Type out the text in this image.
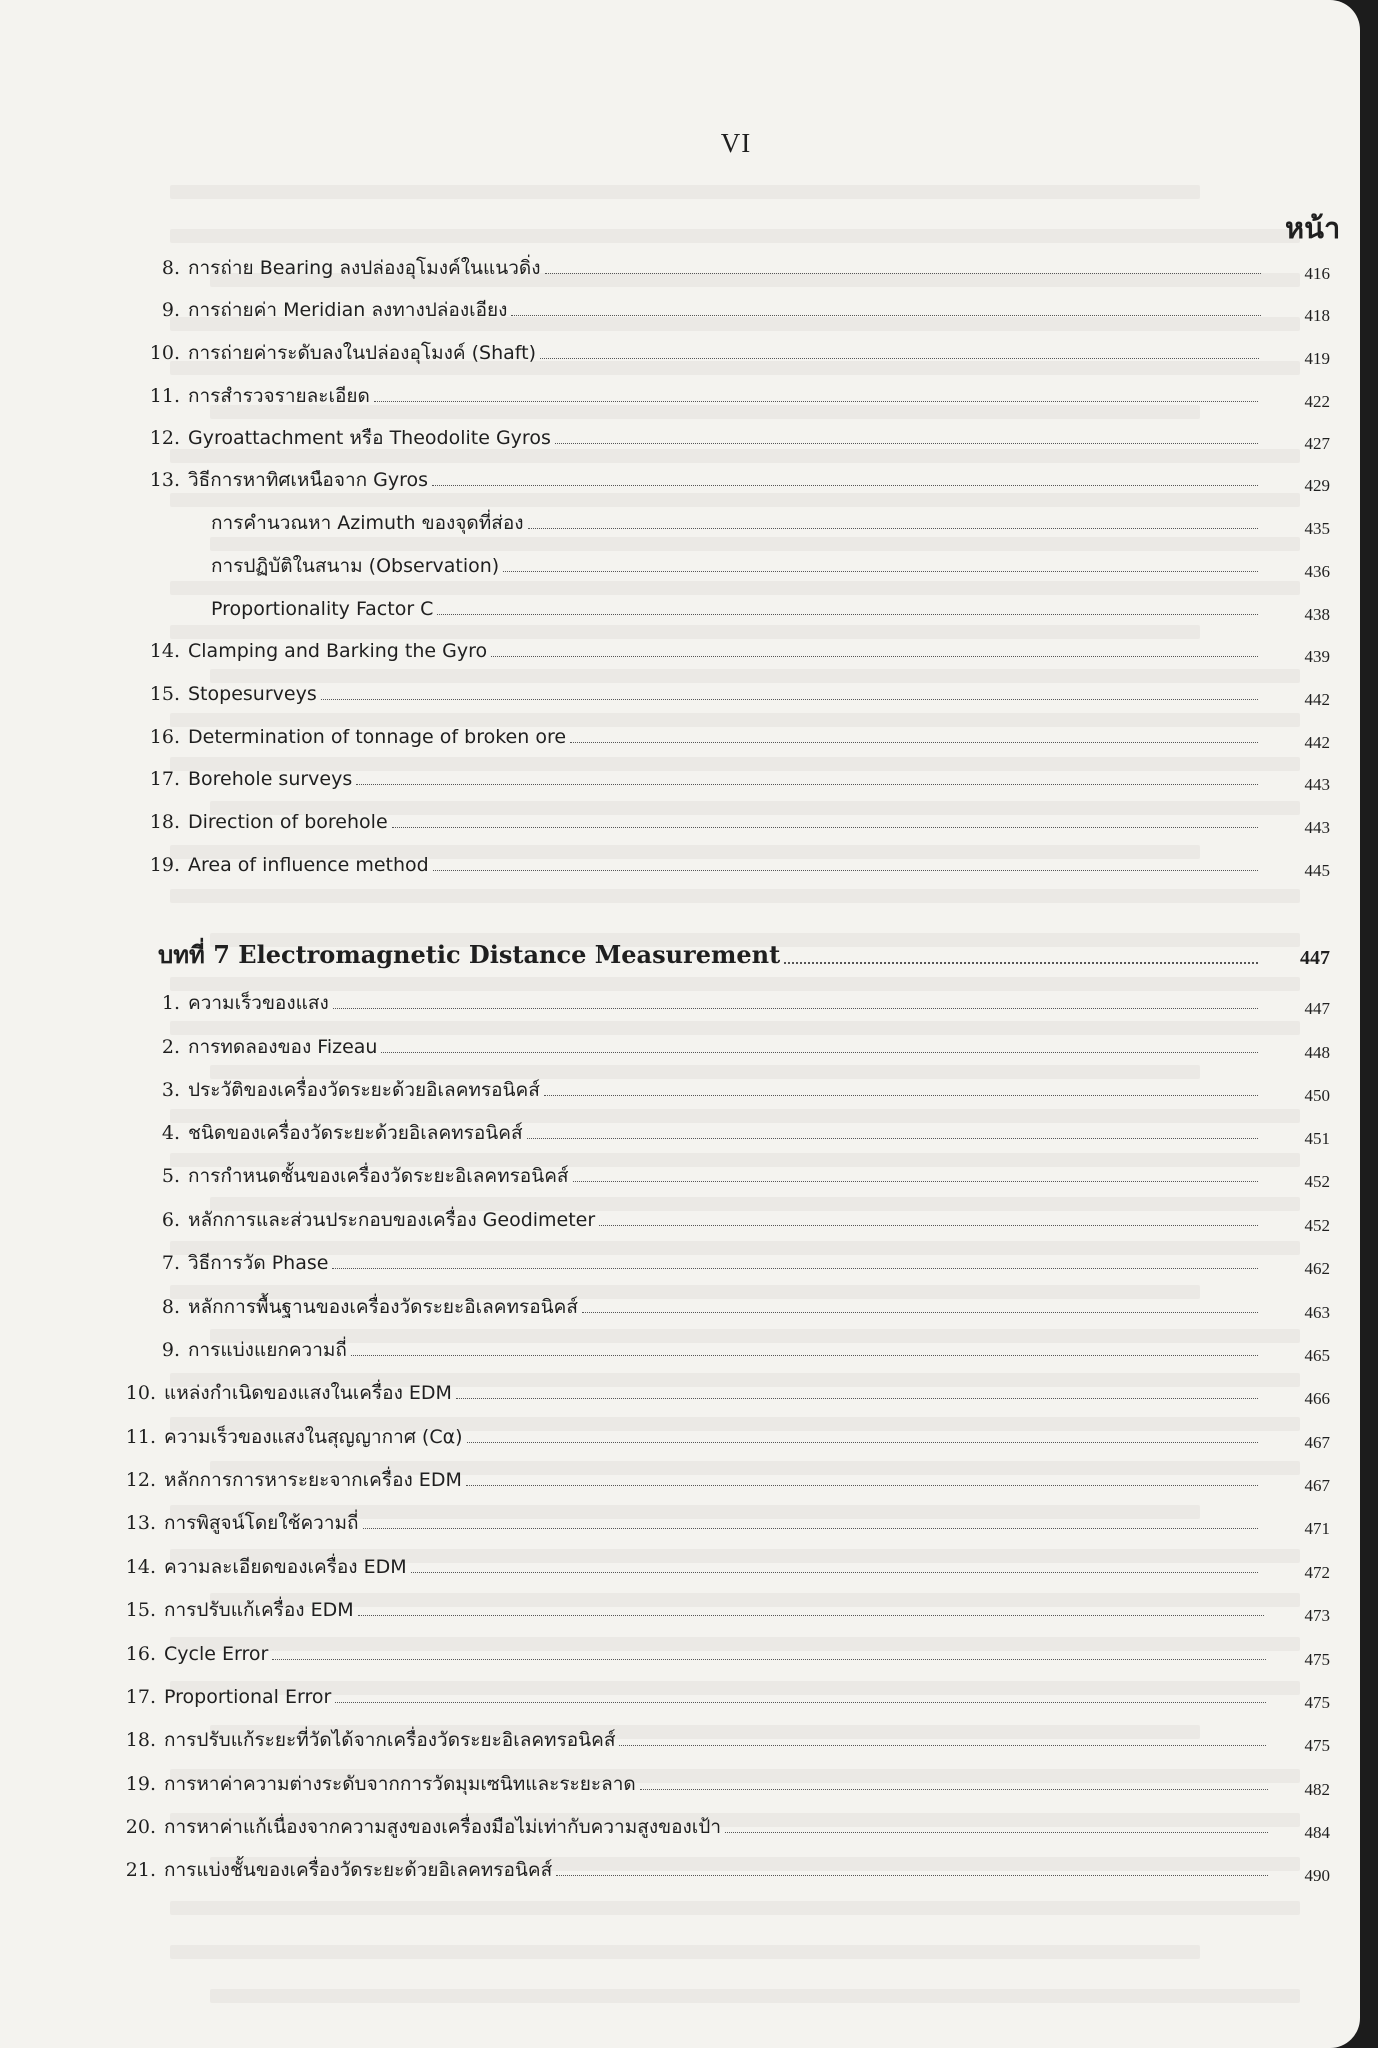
VI
หน้า
8. การถ่าย Bearing ลงปล่องอุโมงค์ในแนวดิ่ง	416
9. การถ่ายค่า Meridian ลงทางปล่องเอียง	418
10. การถ่ายค่าระดับลงในปล่องอุโมงค์ (Shaft)	419
11. การสำรวจรายละเอียด	422
12. Gyroattachment หรือ Theodolite Gyros	427
13. วิธีการหาทิศเหนือจาก Gyros	429
การคำนวณหา Azimuth ของจุดที่ส่อง	435
การปฏิบัติในสนาม (Observation)	436
Proportionality Factor C	438
14. Clamping and Barking the Gyro	439
15. Stopesurveys	442
16. Determination of tonnage of broken ore	442
17. Borehole surveys	443
18. Direction of borehole	443
19. Area of influence method	445
บทที่ 7 Electromagnetic Distance Measurement	447
1. ความเร็วของแสง	447
2. การทดลองของ Fizeau	448
3. ประวัติของเครื่องวัดระยะด้วยอิเลคทรอนิคส์	450
4. ชนิดของเครื่องวัดระยะด้วยอิเลคทรอนิคส์	451
5. การกำหนดชั้นของเครื่องวัดระยะอิเลคทรอนิคส์	452
6. หลักการและส่วนประกอบของเครื่อง Geodimeter	452
7. วิธีการวัด Phase	462
8. หลักการพื้นฐานของเครื่องวัดระยะอิเลคทรอนิคส์	463
9. การแบ่งแยกความถี่	465
10. แหล่งกำเนิดของแสงในเครื่อง EDM	466
11. ความเร็วของแสงในสุญญากาศ (Cα)	467
12. หลักการการหาระยะจากเครื่อง EDM	467
13. การพิสูจน์โดยใช้ความถี่	471
14. ความละเอียดของเครื่อง EDM	472
15. การปรับแก้เครื่อง EDM	473
16. Cycle Error	475
17. Proportional Error	475
18. การปรับแก้ระยะที่วัดได้จากเครื่องวัดระยะอิเลคทรอนิคส์	475
19. การหาค่าความต่างระดับจากการวัดมุมเซนิทและระยะลาด	482
20. การหาค่าแก้เนื่องจากความสูงของเครื่องมือไม่เท่ากับความสูงของเป้า	484
21. การแบ่งชั้นของเครื่องวัดระยะด้วยอิเลคทรอนิคส์	490
